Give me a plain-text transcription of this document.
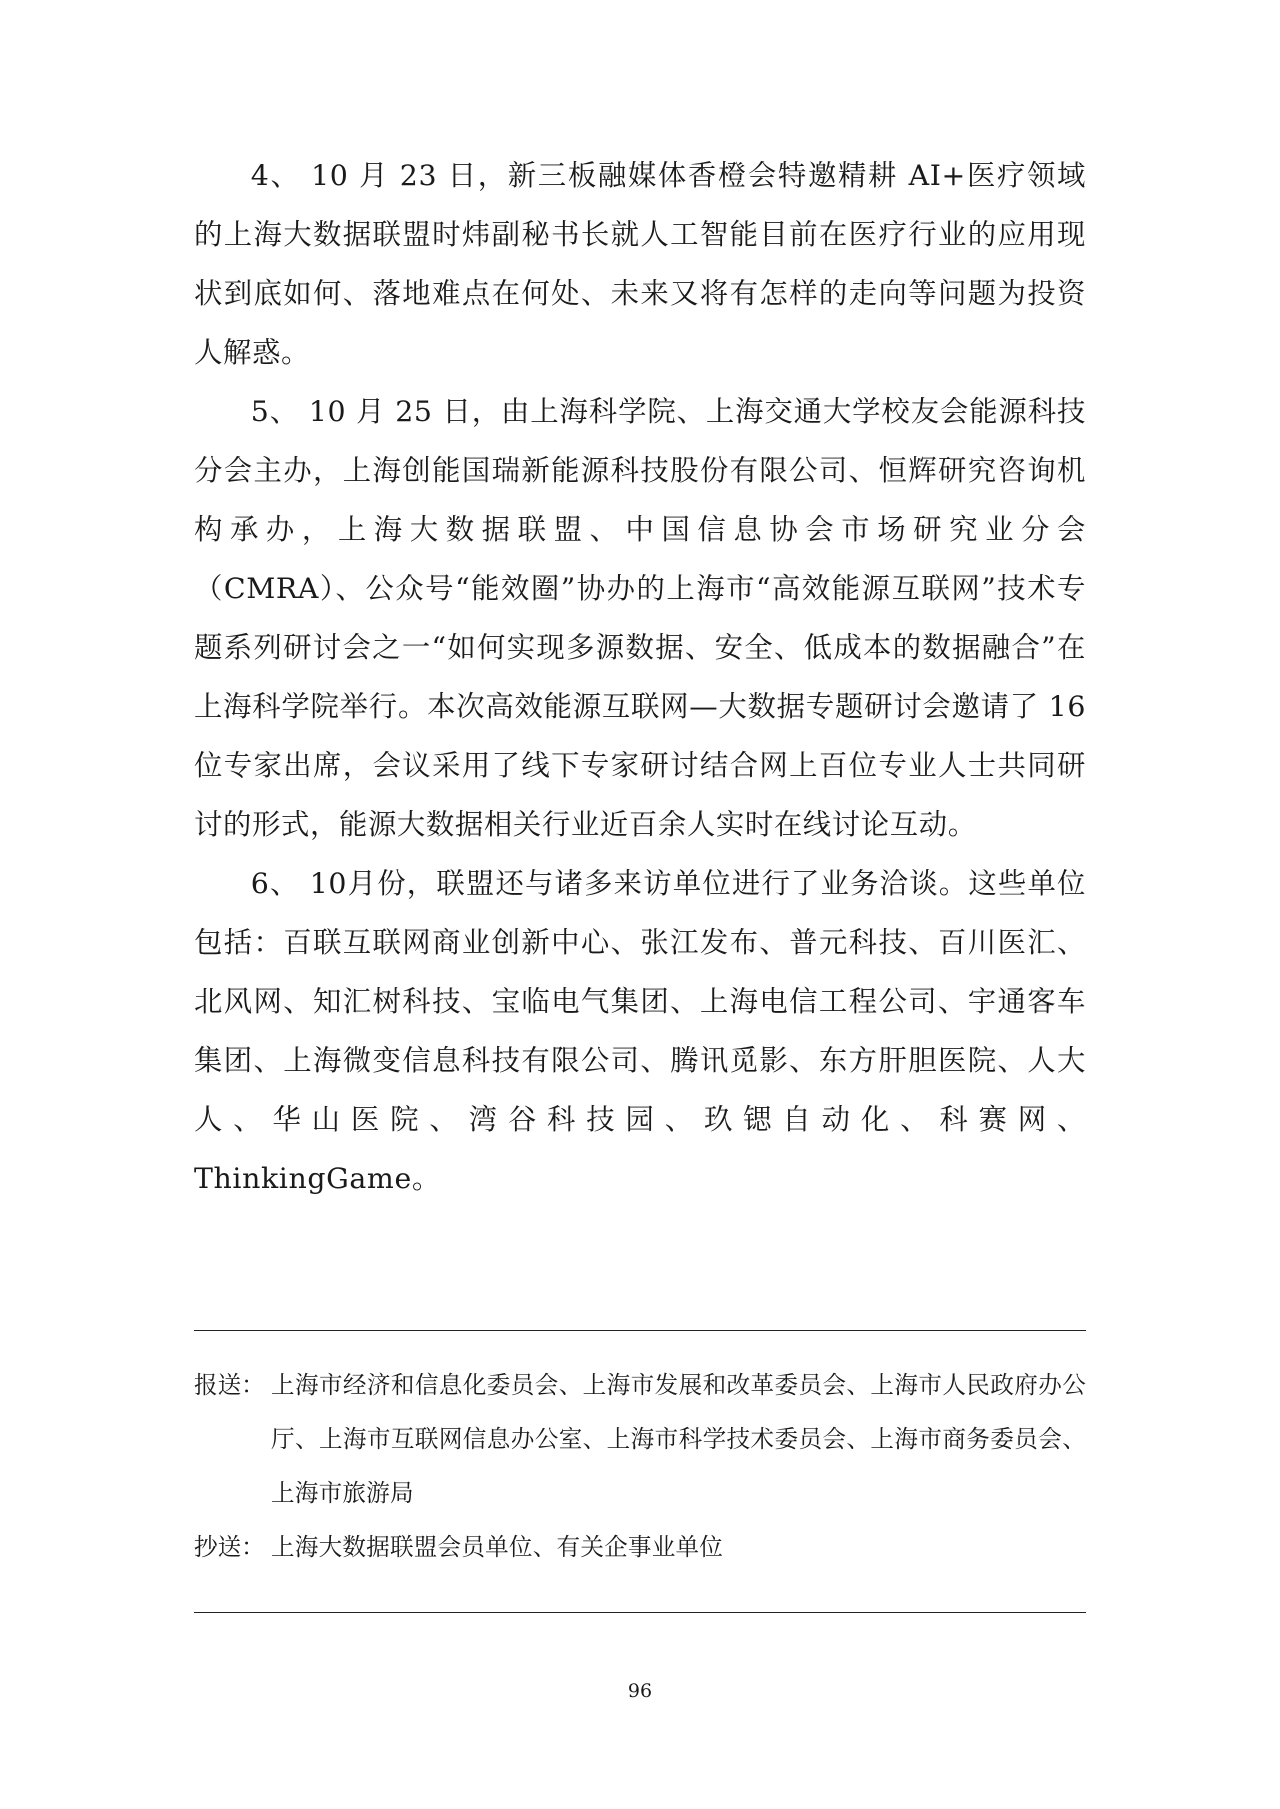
4、 10 月 23 日，新三板融媒体香橙会特邀精耕 AI+医疗领域的上海大数据联盟时炜副秘书长就人工智能目前在医疗行业的应用现状到底如何、落地难点在何处、未来又将有怎样的走向等问题为投资人解惑。

5、 10 月 25 日，由上海科学院、上海交通大学校友会能源科技分会主办，上海创能国瑞新能源科技股份有限公司、恒辉研究咨询机构承办，上海大数据联盟、中国信息协会市场研究业分会（CMRA）、公众号“能效圈”协办的上海市“高效能源互联网”技术专题系列研讨会之一“如何实现多源数据、安全、低成本的数据融合”在上海科学院举行。本次高效能源互联网—大数据专题研讨会邀请了 16 位专家出席，会议采用了线下专家研讨结合网上百位专业人士共同研讨的形式，能源大数据相关行业近百余人实时在线讨论互动。

6、 10月份，联盟还与诸多来访单位进行了业务洽谈。这些单位包括：百联互联网商业创新中心、张江发布、普元科技、百川医汇、北风网、知汇树科技、宝临电气集团、上海电信工程公司、宇通客车集团、上海微变信息科技有限公司、腾讯觅影、东方肝胆医院、人大人、华山医院、湾谷科技园、玖锶自动化、科赛网、ThinkingGame。

报送： 上海市经济和信息化委员会、上海市发展和改革委员会、上海市人民政府办公厅、上海市互联网信息办公室、上海市科学技术委员会、上海市商务委员会、上海市旅游局
抄送： 上海大数据联盟会员单位、有关企事业单位
96
